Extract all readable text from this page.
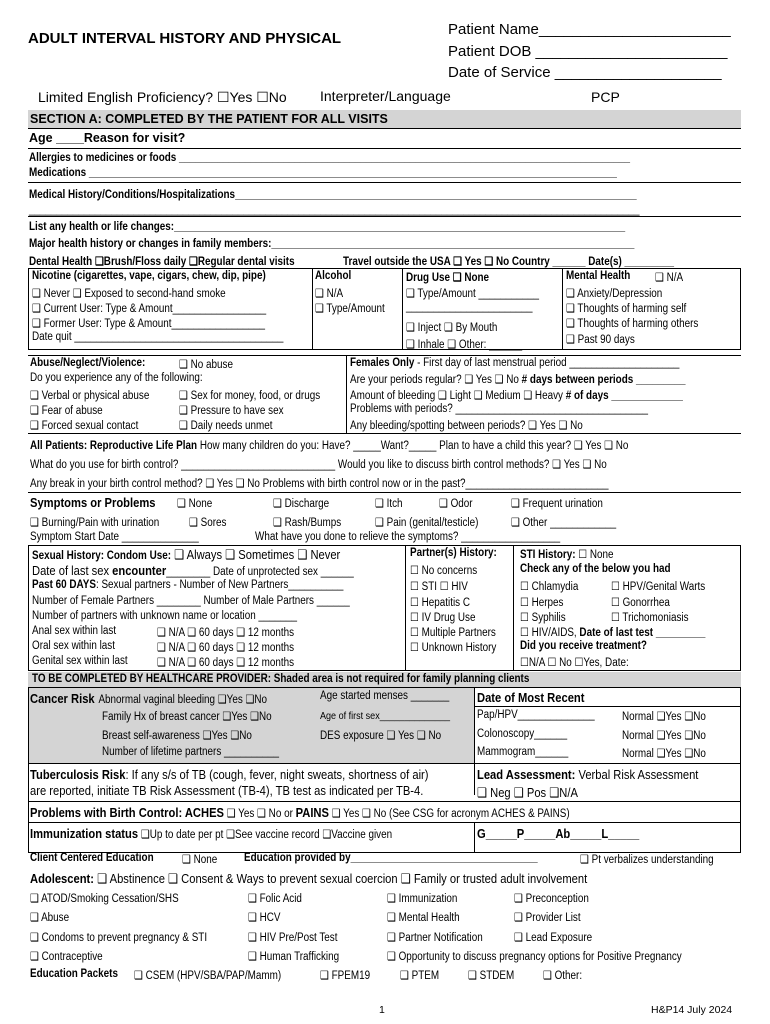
ADULT INTERVAL HISTORY AND PHYSICAL
Patient Name_______________________
Patient DOB _______________________
Date of Service ____________________
Limited English Proficiency? ☐Yes ☐No Interpreter/Language	PCP
SECTION A: COMPLETED BY THE PATIENT FOR ALL VISITS
Age ____Reason for visit?
Allergies to medicines or foods __________________________________________________________________________________
Medications ________________________________________________________________________________________________
Medical History/Conditions/Hospitalizations_________________________________________________________________________
_______________________________________________________________________________________________________________
List any health or life changes:__________________________________________________________________________________
Major health history or changes in family members:__________________________________________________________________
Dental Health ❑Brush/Floss daily ❑Regular dental visits	Travel outside the USA ❑ Yes ❑ No Country ______ Date(s) _________
Nicotine (cigarettes, vape, cigars, chew, dip, pipe)
❑ Never ❑ Exposed to second-hand smoke
❑ Current User: Type & Amount_________________
❑ Former User: Type & Amount_________________
Date quit ______________________________________
Alcohol
❑ N/A
❑ Type/Amount
Drug Use ❑ None
❑ Type/Amount ___________
_______________________
❑ Inject ❑ By Mouth
❑ Inhale ❑ Other: ______
Mental Health ❑ N/A
❑ Anxiety/Depression
❑ Thoughts of harming self
❑ Thoughts of harming others
❑ Past 90 days
Abuse/Neglect/Violence:	❑ No abuse
Do you experience any of the following:
❑ Verbal or physical abuse	❑ Sex for money, food, or drugs
❑ Fear of abuse	❑ Pressure to have sex
❑ Forced sexual contact	❑ Daily needs unmet
Females Only - First day of last menstrual period ____________________
Are your periods regular? ❑ Yes ❑ No # days between periods _________
Amount of bleeding ❑ Light ❑ Medium ❑ Heavy # of days _____________
Problems with periods? ___________________________________
Any bleeding/spotting between periods? ❑ Yes ❑ No
All Patients: Reproductive Life Plan How many children do you: Have? _____Want?_____ Plan to have a child this year? ❑ Yes ❑ No
What do you use for birth control? ____________________________ Would you like to discuss birth control methods? ❑ Yes ❑ No
Any break in your birth control method? ❑ Yes ❑ No Problems with birth control now or in the past?__________________________
Symptoms or Problems ❑ None	❑ Discharge	❑ Itch	❑ Odor	❑ Frequent urination
❑ Burning/Pain with urination	❑ Sores	❑ Rash/Bumps	❑ Pain (genital/testicle)	❑ Other ____________
Symptom Start Date ______________	What have you done to relieve the symptoms? __________________
Sexual History: Condom Use: ❑ Always ❑ Sometimes ❑ Never
Date of last sex encounter________ Date of unprotected sex ______
Past 60 DAYS: Sexual partners - Number of New Partners__________
Number of Female Partners ________ Number of Male Partners ______
Number of partners with unknown name or location _______
Anal sex within last	❑ N/A ❑ 60 days ❑ 12 months
Oral sex within last	❑ N/A ❑ 60 days ❑ 12 months
Genital sex within last	❑ N/A ❑ 60 days ❑ 12 months
Partner(s) History:
☐ No concerns
☐ STI ☐ HIV
☐ Hepatitis C
☐ IV Drug Use
☐ Multiple Partners
☐ Unknown History
STI History: ☐ None
Check any of the below you had
☐ Chlamydia	☐ HPV/Genital Warts
☐ Herpes	☐ Gonorrhea
☐ Syphilis	☐ Trichomoniasis
☐ HIV/AIDS, Date of last test _________
Did you receive treatment?
☐N/A ☐ No ☐Yes, Date:
TO BE COMPLETED BY HEALTHCARE PROVIDER: Shaded area is not required for family planning clients
Cancer Risk Abnormal vaginal bleeding ❑Yes ❑No
Family Hx of breast cancer ❑Yes ❑No
Breast self-awareness ❑Yes ❑No
Number of lifetime partners __________
Age started menses _______
Age of first sex______________
DES exposure ❑ Yes ❑ No
Date of Most Recent
Pap/HPV______________ Normal ❑Yes ❑No
Colonoscopy______	Normal ❑Yes ❑No
Mammogram______	Normal ❑Yes ❑No
Tuberculosis Risk: If any s/s of TB (cough, fever, night sweats, shortness of air)
are reported, initiate TB Risk Assessment (TB-4), TB test as indicated per TB-4.
Lead Assessment: Verbal Risk Assessment
❑ Neg ❑ Pos ❑N/A
Problems with Birth Control: ACHES ❑ Yes ❑ No or PAINS ❑ Yes ❑ No (See CSG for acronym ACHES & PAINS)
Immunization status ❑Up to date per pt ❑See vaccine record ❑Vaccine given	G_____P_____Ab_____L_____
Client Centered Education ❑ None Education provided by__________________________________	❑ Pt verbalizes understanding
Adolescent: ❑ Abstinence ❑ Consent & Ways to prevent sexual coercion ❑ Family or trusted adult involvement
❑ ATOD/Smoking Cessation/SHS	❑ Folic Acid	❑ Immunization	❑ Preconception
❑ Abuse	❑ HCV	❑ Mental Health	❑ Provider List
❑ Condoms to prevent pregnancy & STI	❑ HIV Pre/Post Test	❑ Partner Notification	❑ Lead Exposure
❑ Contraceptive	❑ Human Trafficking	❑ Opportunity to discuss pregnancy options for Positive Pregnancy
Education Packets ❑ CSEM (HPV/SBA/PAP/Mamm)	❑ FPEM19	❑ PTEM	❑ STDEM	❑ Other:
1	H&P14 July 2024
